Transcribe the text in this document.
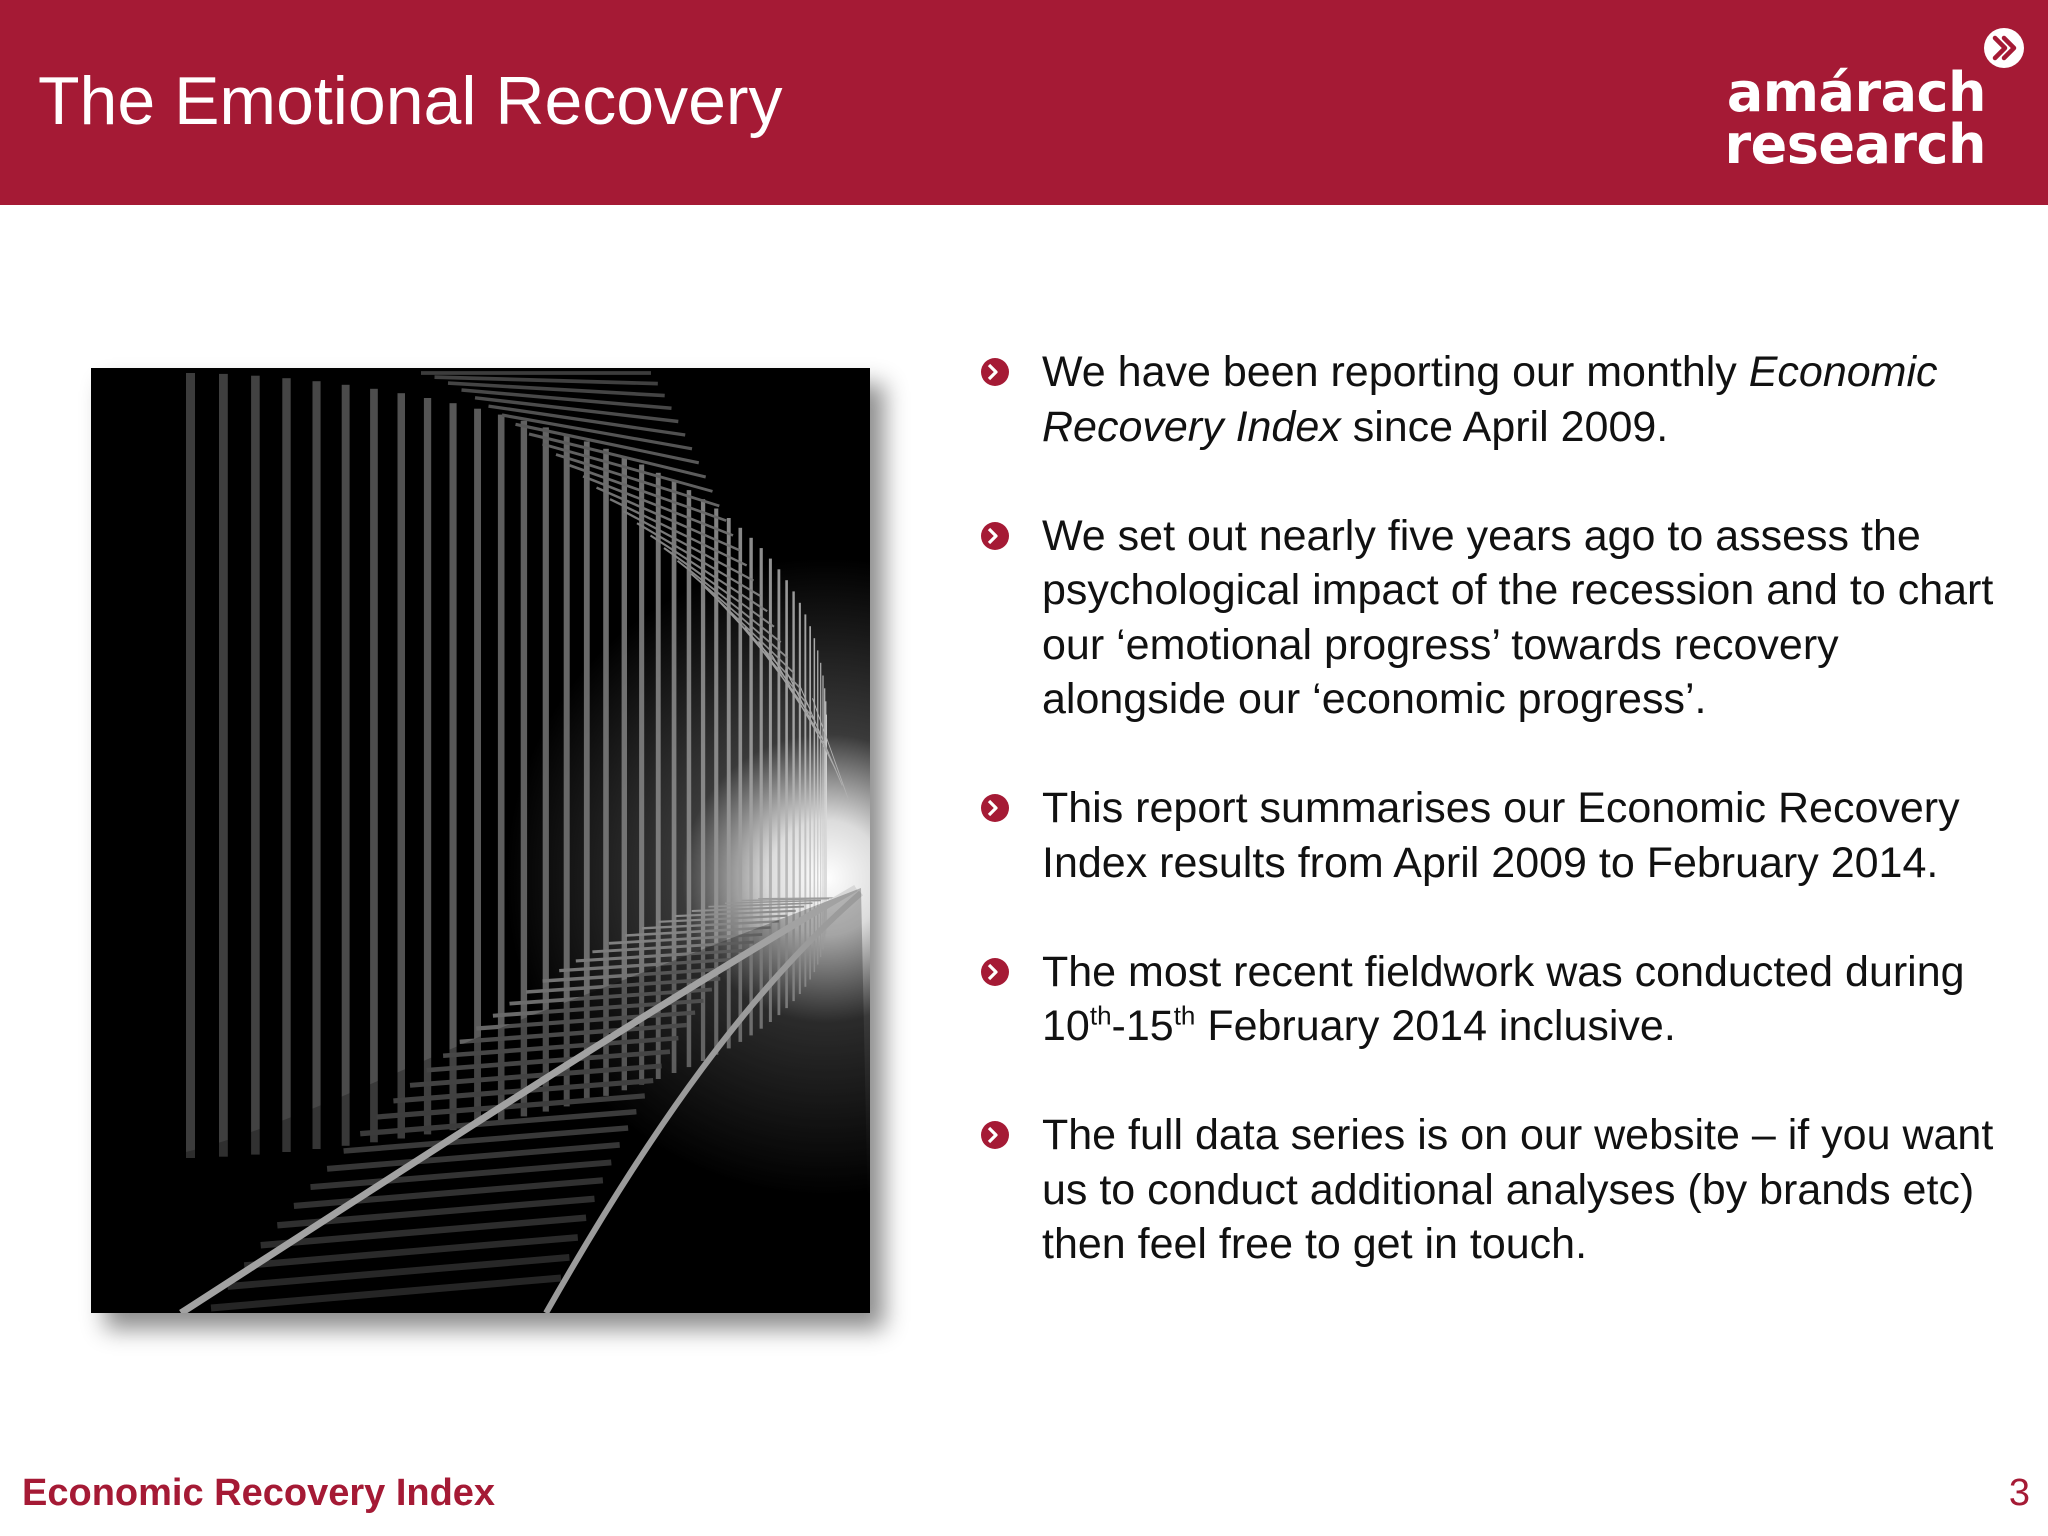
The Emotional Recovery	amárach
research
We have been reporting our monthly Economic Recovery Index since April 2009.
We set out nearly five years ago to assess the psychological impact of the recession and to chart our ‘emotional progress’ towards recovery alongside our ‘economic progress’.
This report summarises our Economic Recovery Index results from April 2009 to February 2014.
The most recent fieldwork was conducted during 10th-15th February 2014 inclusive.
The full data series is on our website – if you want us to conduct additional analyses (by brands etc) then feel free to get in touch.
Economic Recovery Index	3
